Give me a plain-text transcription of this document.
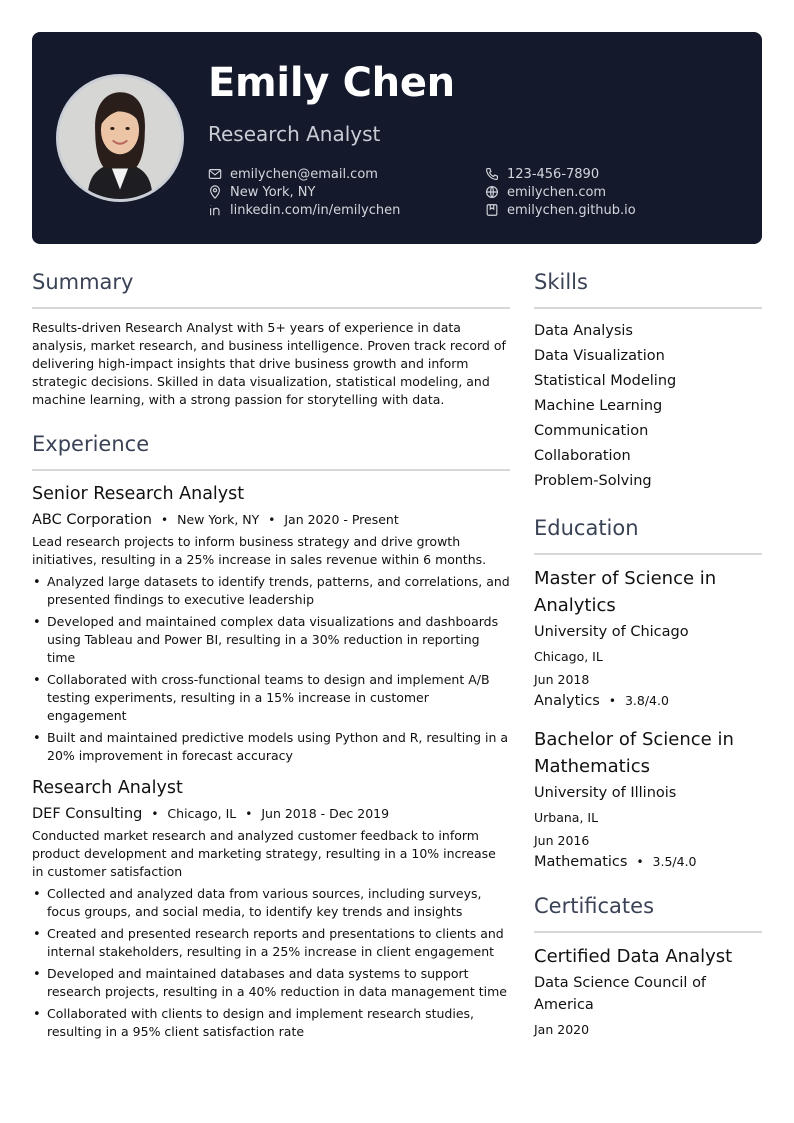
Emily Chen
Research Analyst
emilychen@email.com
New York, NY
linkedin.com/in/emilychen
123-456-7890
emilychen.com
emilychen.github.io
Summary
Results-driven Research Analyst with 5+ years of experience in data analysis, market research, and business intelligence. Proven track record of delivering high-impact insights that drive business growth and inform strategic decisions. Skilled in data visualization, statistical modeling, and machine learning, with a strong passion for storytelling with data.
Experience
Senior Research Analyst
ABC Corporation • New York, NY • Jan 2020 - Present
Lead research projects to inform business strategy and drive growth initiatives, resulting in a 25% increase in sales revenue within 6 months.
• Analyzed large datasets to identify trends, patterns, and correlations, and presented findings to executive leadership
• Developed and maintained complex data visualizations and dashboards using Tableau and Power BI, resulting in a 30% reduction in reporting time
• Collaborated with cross-functional teams to design and implement A/B testing experiments, resulting in a 15% increase in customer engagement
• Built and maintained predictive models using Python and R, resulting in a 20% improvement in forecast accuracy
Research Analyst
DEF Consulting • Chicago, IL • Jun 2018 - Dec 2019
Conducted market research and analyzed customer feedback to inform product development and marketing strategy, resulting in a 10% increase in customer satisfaction
• Collected and analyzed data from various sources, including surveys, focus groups, and social media, to identify key trends and insights
• Created and presented research reports and presentations to clients and internal stakeholders, resulting in a 25% increase in client engagement
• Developed and maintained databases and data systems to support research projects, resulting in a 40% reduction in data management time
• Collaborated with clients to design and implement research studies, resulting in a 95% client satisfaction rate
Skills
Data Analysis
Data Visualization
Statistical Modeling
Machine Learning
Communication
Collaboration
Problem-Solving
Education
Master of Science in Analytics
University of Chicago
Chicago, IL
Jun 2018
Analytics • 3.8/4.0
Bachelor of Science in Mathematics
University of Illinois
Urbana, IL
Jun 2016
Mathematics • 3.5/4.0
Certificates
Certified Data Analyst
Data Science Council of America
Jan 2020
